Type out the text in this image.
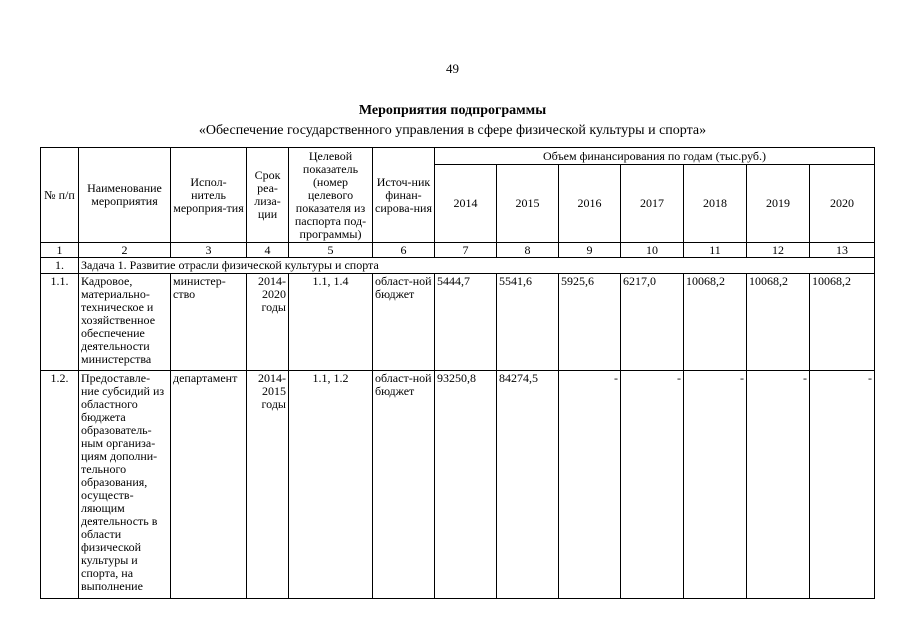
49
Мероприятия подпрограммы
«Обеспечение государственного управления в сфере физической культуры и спорта»
№ п/п	Наименование мероприятия	Испол-нитель мероприя-тия	Срок реа-лиза-ции	Целевой показатель (номер целевого показателя из паспорта под-программы)	Источ-ник финан-сирова-ния	Объем финансирования по годам (тыс.руб.)						
						2014	2015	2016	2017	2018	2019	2020
1	2	3	4	5	6	7	8	9	10	11	12	13
1.	Задача 1. Развитие отрасли физической культуры и спорта											
1.1.	Кадровое, материально-техническое и хозяйственное обеспечение деятельности министерства	министер-ство	2014-2020 годы	1.1, 1.4	област-ной бюджет	5444,7	5541,6	5925,6	6217,0	10068,2	10068,2	10068,2
1.2.	Предоставле-ние субсидий из областного бюджета образователь-ным организа-циям дополни-тельного образования, осуществ-ляющим деятельность в области физической культуры и спорта, на выполнение	департамент	2014-2015 годы	1.1, 1.2	област-ной бюджет	93250,8	84274,5	-	-	-	-	-
